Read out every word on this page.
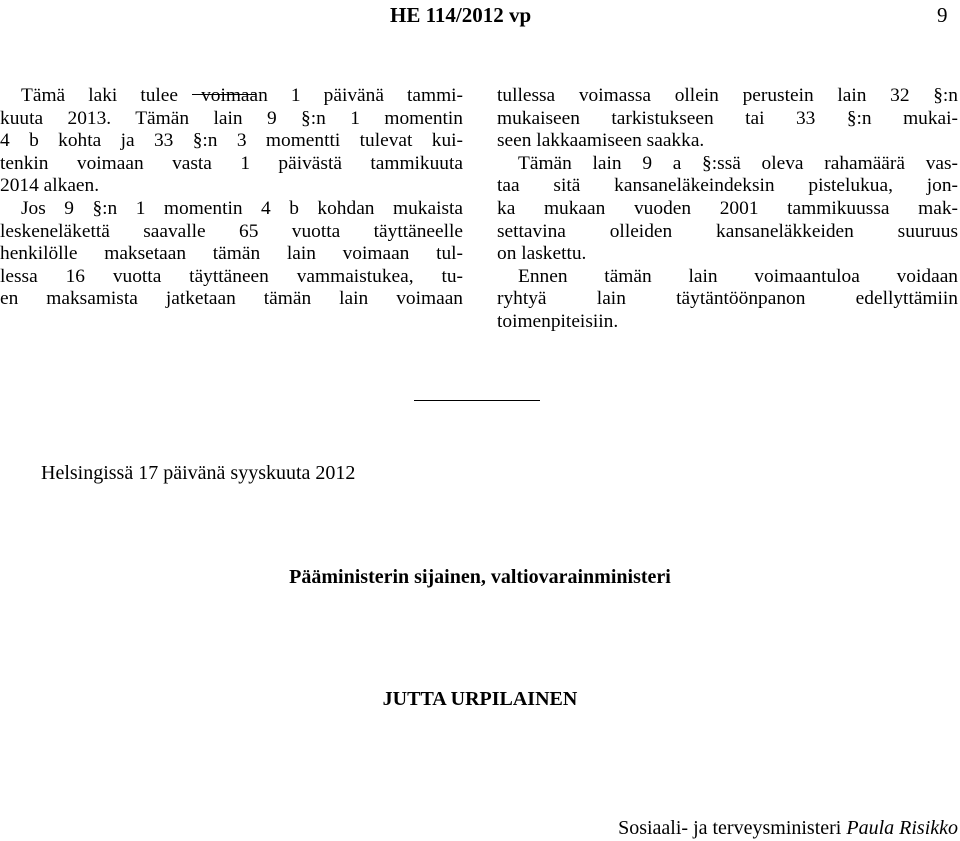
HE 114/2012 vp	9
Tämä laki tulee voimaan 1 päivänä tammi-
kuuta 2013. Tämän lain 9 §:n 1 momentin
4 b kohta ja 33 §:n 3 momentti tulevat kui-
tenkin voimaan vasta 1 päivästä tammikuuta
2014 alkaen.
Jos 9 §:n 1 momentin 4 b kohdan mukaista
leskeneläkettä saavalle 65 vuotta täyttäneelle
henkilölle maksetaan tämän lain voimaan tul-
lessa 16 vuotta täyttäneen vammaistukea, tu-
en maksamista jatketaan tämän lain voimaan
tullessa voimassa ollein perustein lain 32 §:n
mukaiseen tarkistukseen tai 33 §:n mukai-
seen lakkaamiseen saakka.
Tämän lain 9 a §:ssä oleva rahamäärä vas-
taa sitä kansaneläkeindeksin pistelukua, jon-
ka mukaan vuoden 2001 tammikuussa mak-
settavina olleiden kansaneläkkeiden suuruus
on laskettu.
Ennen tämän lain voimaantuloa voidaan
ryhtyä lain täytäntöönpanon edellyttämiin
toimenpiteisiin.
Helsingissä 17 päivänä syyskuuta 2012
Pääministerin sijainen, valtiovarainministeri
JUTTA URPILAINEN
Sosiaali- ja terveysministeri Paula Risikko
